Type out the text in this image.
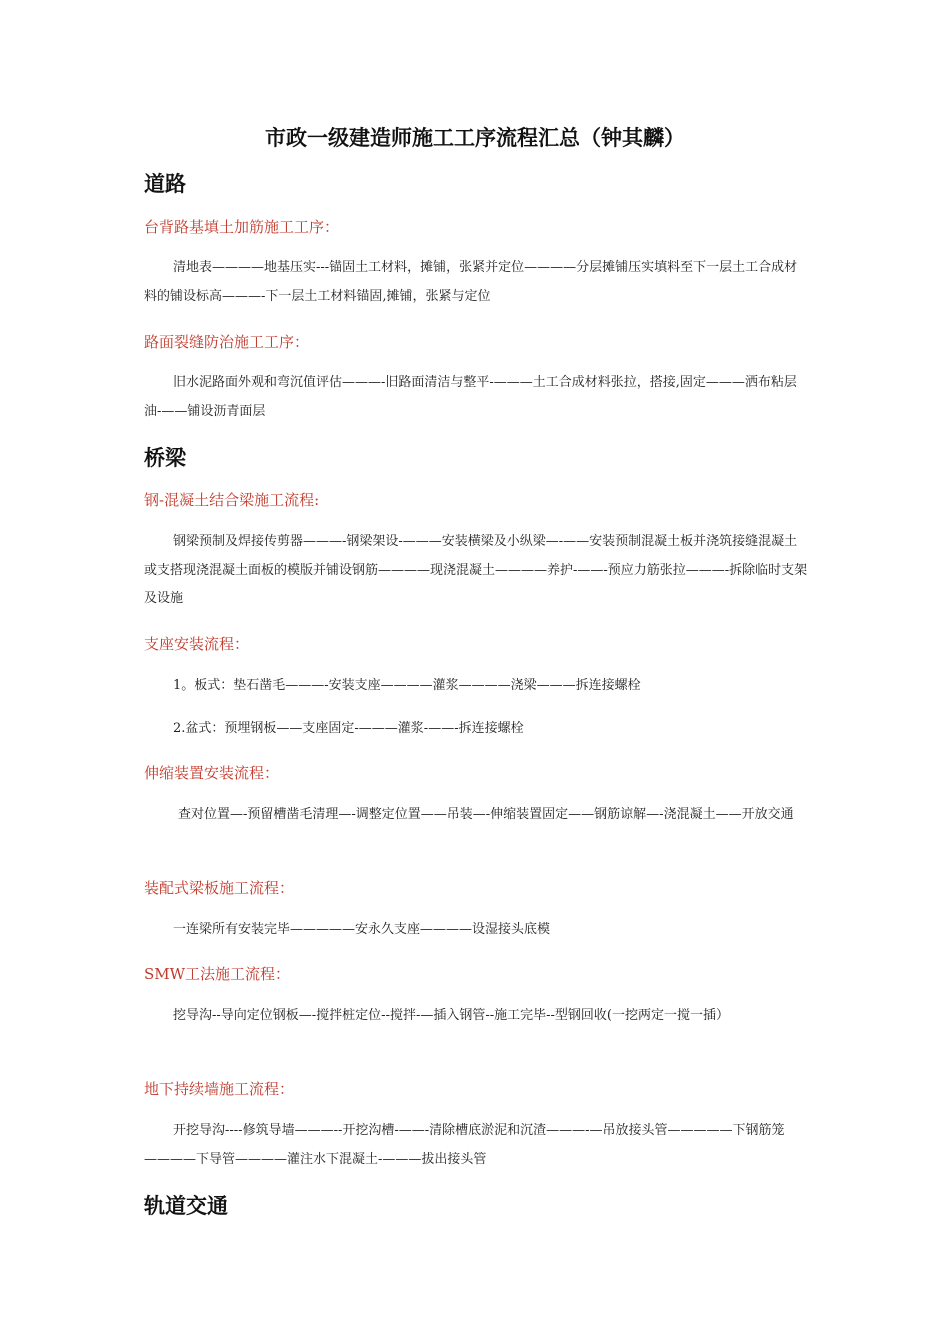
市政一级建造师施工工序流程汇总（钟其麟）
道路
台背路基填土加筋施工工序：
清地表————地基压实---锚固土工材料，摊铺，张紧并定位————分层摊铺压实填料至下一层土工合成材料的铺设标高———-下一层土工材料锚固,摊铺，张紧与定位
路面裂缝防治施工工序：
旧水泥路面外观和弯沉值评估———-旧路面清洁与整平-———土工合成材料张拉，搭接,固定———洒布粘层油-——铺设沥青面层
桥梁
钢-混凝土结合梁施工流程:
钢梁预制及焊接传剪器———-钢梁架设-———安装横梁及小纵梁—-——安装预制混凝土板并浇筑接缝混凝土或支搭现浇混凝土面板的模版并铺设钢筋————现浇混凝土————养护-——-预应力筋张拉———-拆除临时支架及设施
支座安装流程：
1。板式：垫石凿毛———-安装支座————灌浆————浇梁———拆连接螺栓
2.盆式：预埋钢板——支座固定-———灌浆-——-拆连接螺栓
伸缩装置安装流程：
查对位置—-预留槽凿毛清理—-调整定位置——吊装—-伸缩装置固定——钢筋谅解—-浇混凝土——开放交通
装配式梁板施工流程：
一连梁所有安装完毕—————安永久支座————设湿接头底模
SMW工法施工流程：
挖导沟--导向定位钢板—-搅拌桩定位--搅拌-—插入钢管--施工完毕--型钢回收(一挖两定一搅一插）
地下持续墙施工流程：
开挖导沟----修筑导墙———--开挖沟槽-——-清除槽底淤泥和沉渣———-—吊放接头管—————下钢筋笼————下导管————灌注水下混凝土-———拔出接头管
轨道交通
